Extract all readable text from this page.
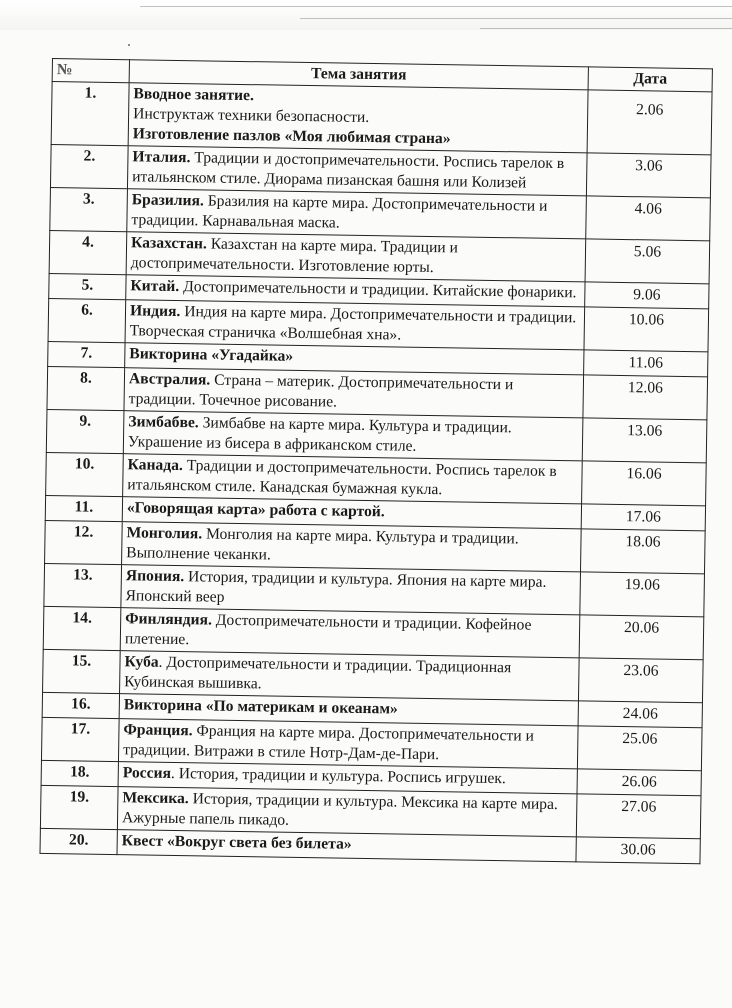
№	Тема занятия	Дата
1.	Вводное занятие.
Инструктаж техники безопасности.
Изготовление пазлов «Моя любимая страна»	2.06

2.	Италия. Традиции и достопримечательности. Роспись тарелок в итальянском стиле. Диорама пизанская башня или Колизей	3.06

3.	Бразилия. Бразилия на карте мира. Достопримечательности и традиции. Карнавальная маска.	4.06

4.	Казахстан. Казахстан на карте мира. Традиции и достопримечательности. Изготовление юрты.	5.06

5.	Китай. Достопримечательности и традиции. Китайские фонарики.	9.06

6.	Индия. Индия на карте мира. Достопримечательности и традиции. Творческая страничка «Волшебная хна».	10.06

7.	Викторина «Угадайка»	11.06

8.	Австралия. Страна – материк. Достопримечательности и традиции. Точечное рисование.	12.06

9.	Зимбабве. Зимбабве на карте мира. Культура и традиции. Украшение из бисера в африканском стиле.	13.06

10.	Канада. Традиции и достопримечательности. Роспись тарелок в итальянском стиле. Канадская бумажная кукла.	16.06

11.	«Говорящая карта» работа с картой.	17.06

12.	Монголия. Монголия на карте мира. Культура и традиции. Выполнение чеканки.	18.06

13.	Япония. История, традиции и культура. Япония на карте мира. Японский веер	19.06

14.	Финляндия. Достопримечательности и традиции. Кофейное плетение.	20.06

15.	Куба. Достопримечательности и традиции. Традиционная Кубинская вышивка.	23.06

16.	Викторина «По материкам и океанам»	24.06

17.	Франция. Франция на карте мира. Достопримечательности и традиции. Витражи в стиле Нотр-Дам-де-Пари.	25.06

18.	Россия. История, традиции и культура. Роспись игрушек.	26.06

19.	Мексика. История, традиции и культура. Мексика на карте мира. Ажурные папель пикадо.	27.06

20.	Квест «Вокруг света без билета»	30.06
